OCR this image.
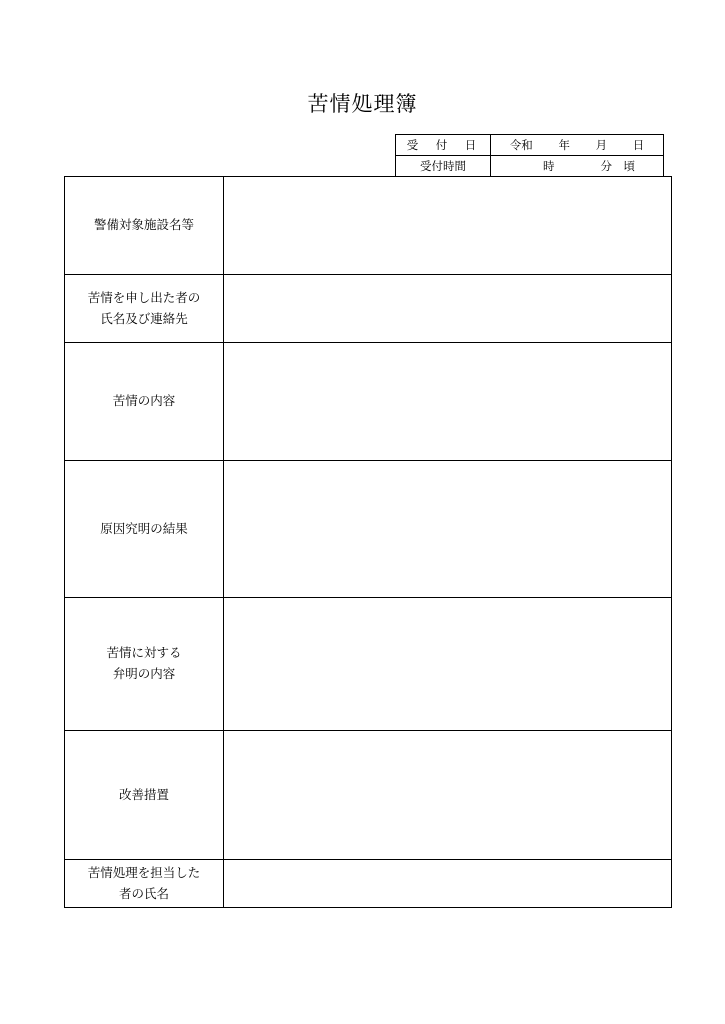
苦情処理簿
受　付　日	令和 年 月 日

受付時間	時 分　頃
警備対象施設名等	

苦情を申し出た者の
氏名及び連絡先	

苦情の内容	

原因究明の結果	

苦情に対する
弁明の内容	

改善措置	

苦情処理を担当した
者の氏名	
